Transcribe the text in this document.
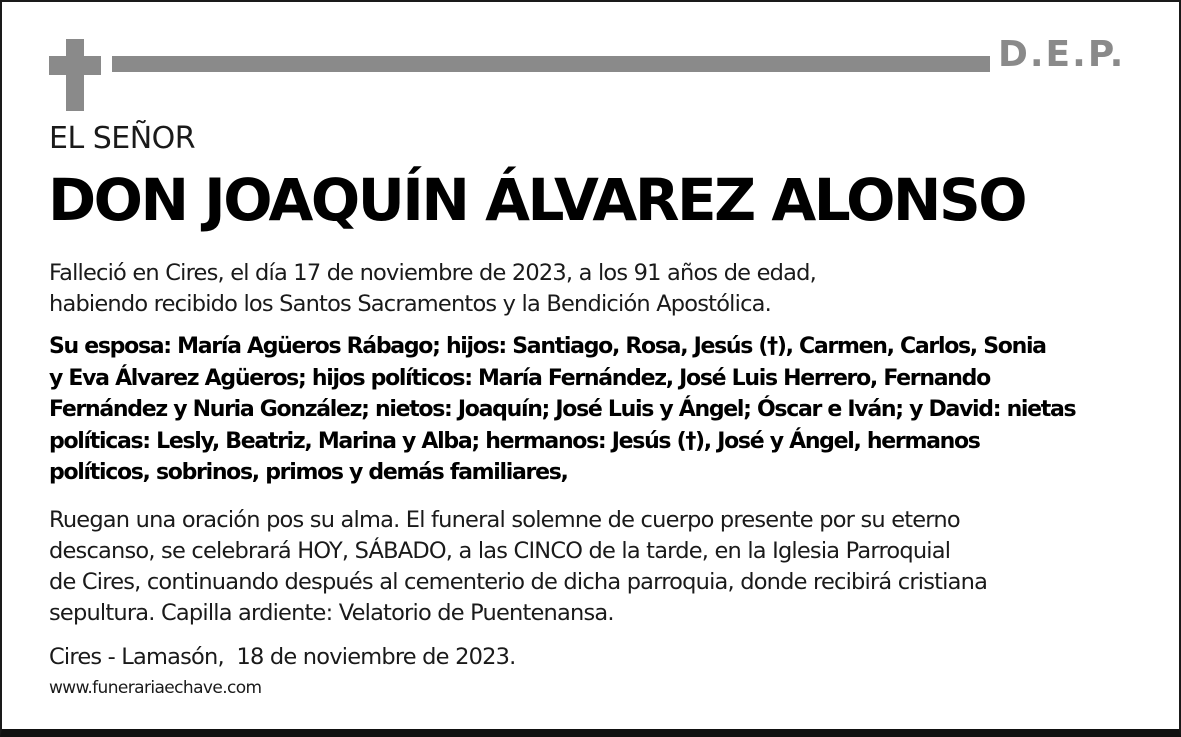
D.E.P.
EL SEÑOR
DON JOAQUÍN ÁLVAREZ ALONSO

Falleció en Cires, el día 17 de noviembre de 2023, a los 91 años de edad,
habiendo recibido los Santos Sacramentos y la Bendición Apostólica.

Su esposa: María Agüeros Rábago; hijos: Santiago, Rosa, Jesús (†), Carmen, Carlos, Sonia
y Eva Álvarez Agüeros; hijos políticos: María Fernández, José Luis Herrero, Fernando
Fernández y Nuria González; nietos: Joaquín; José Luis y Ángel; Óscar e Iván; y David: nietas
políticas: Lesly, Beatriz, Marina y Alba; hermanos: Jesús (†), José y Ángel, hermanos
políticos, sobrinos, primos y demás familiares,

Ruegan una oración pos su alma. El funeral solemne de cuerpo presente por su eterno
descanso, se celebrará HOY, SÁBADO, a las CINCO de la tarde, en la Iglesia Parroquial
de Cires, continuando después al cementerio de dicha parroquia, donde recibirá cristiana
sepultura. Capilla ardiente: Velatorio de Puentenansa.

Cires - Lamasón,  18 de noviembre de 2023.
www.funerariaechave.com
